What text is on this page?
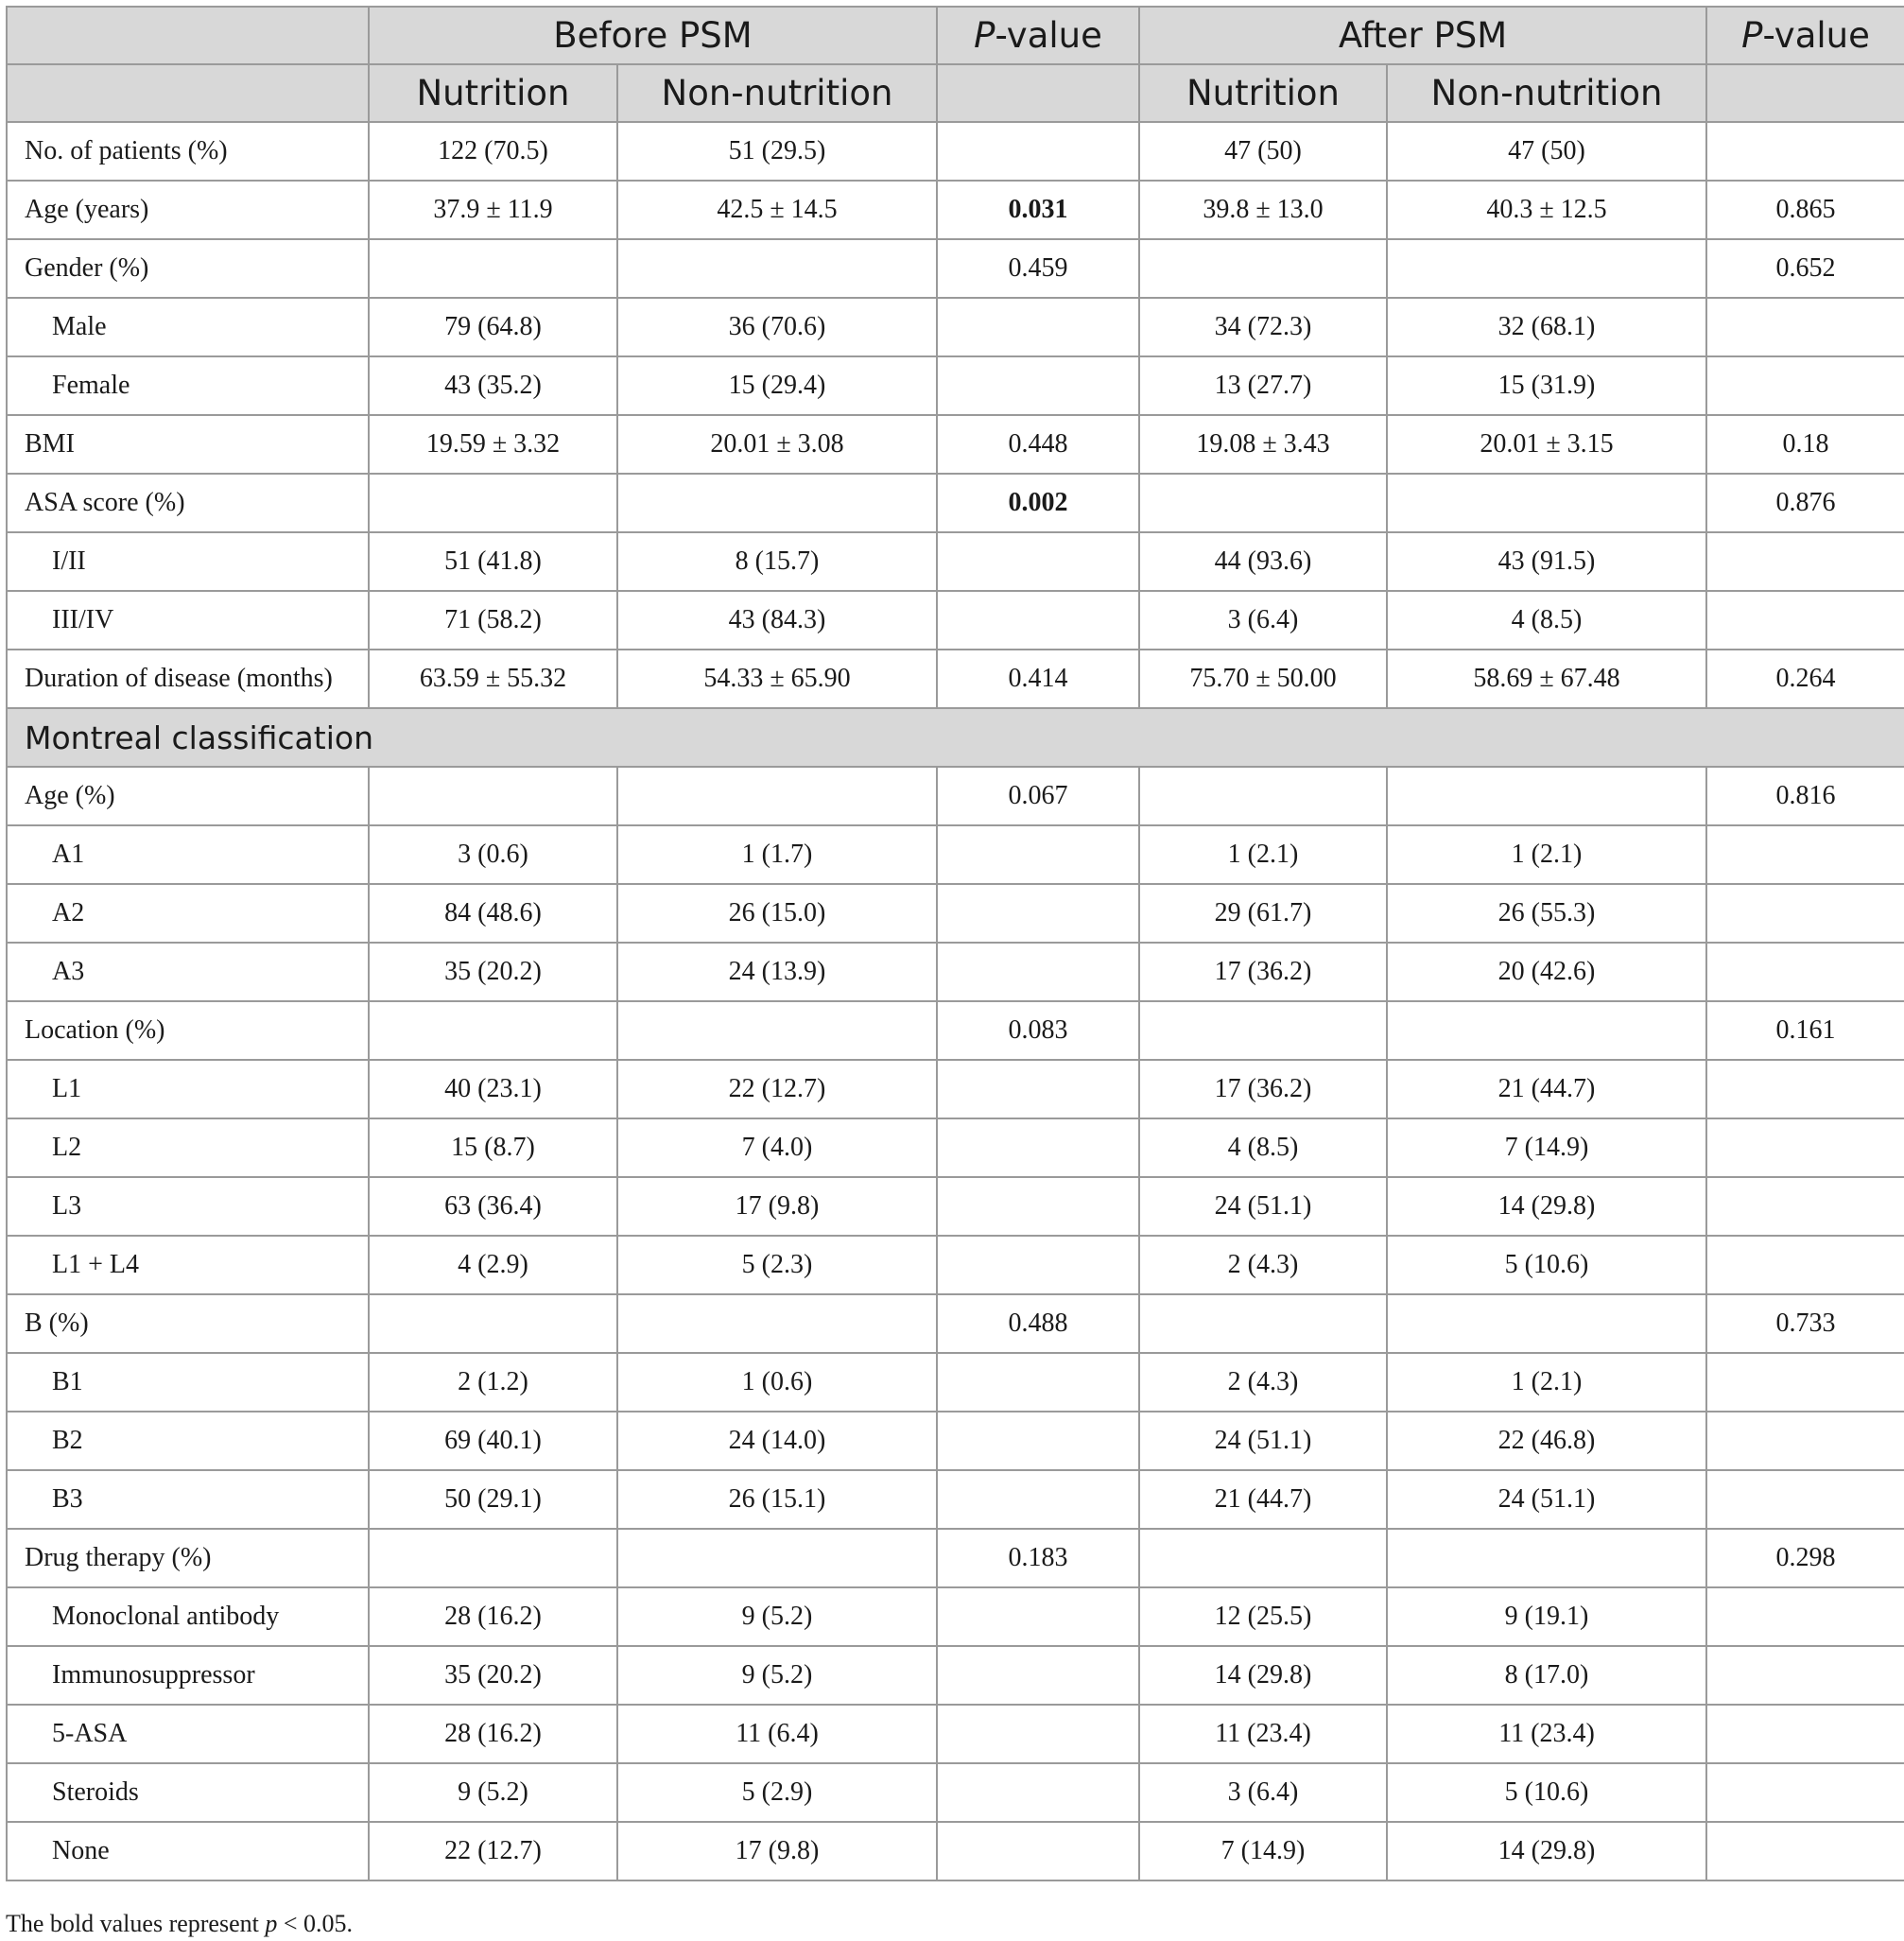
	Before PSM		P-value	After PSM		P-value
	Nutrition	Non-nutrition		Nutrition	Non-nutrition	
No. of patients (%)	122 (70.5)	51 (29.5)		47 (50)	47 (50)	
Age (years)	37.9 ± 11.9	42.5 ± 14.5	0.031	39.8 ± 13.0	40.3 ± 12.5	0.865
Gender (%)			0.459			0.652
Male	79 (64.8)	36 (70.6)		34 (72.3)	32 (68.1)	
Female	43 (35.2)	15 (29.4)		13 (27.7)	15 (31.9)	
BMI	19.59 ± 3.32	20.01 ± 3.08	0.448	19.08 ± 3.43	20.01 ± 3.15	0.18
ASA score (%)			0.002			0.876
I/II	51 (41.8)	8 (15.7)		44 (93.6)	43 (91.5)	
III/IV	71 (58.2)	43 (84.3)		3 (6.4)	4 (8.5)	
Duration of disease (months)	63.59 ± 55.32	54.33 ± 65.90	0.414	75.70 ± 50.00	58.69 ± 67.48	0.264
Montreal classification						
Age (%)			0.067			0.816
A1	3 (0.6)	1 (1.7)		1 (2.1)	1 (2.1)	
A2	84 (48.6)	26 (15.0)		29 (61.7)	26 (55.3)	
A3	35 (20.2)	24 (13.9)		17 (36.2)	20 (42.6)	
Location (%)			0.083			0.161
L1	40 (23.1)	22 (12.7)		17 (36.2)	21 (44.7)	
L2	15 (8.7)	7 (4.0)		4 (8.5)	7 (14.9)	
L3	63 (36.4)	17 (9.8)		24 (51.1)	14 (29.8)	
L1 + L4	4 (2.9)	5 (2.3)		2 (4.3)	5 (10.6)	
B (%)			0.488			0.733
B1	2 (1.2)	1 (0.6)		2 (4.3)	1 (2.1)	
B2	69 (40.1)	24 (14.0)		24 (51.1)	22 (46.8)	
B3	50 (29.1)	26 (15.1)		21 (44.7)	24 (51.1)	
Drug therapy (%)			0.183			0.298
Monoclonal antibody	28 (16.2)	9 (5.2)		12 (25.5)	9 (19.1)	
Immunosuppressor	35 (20.2)	9 (5.2)		14 (29.8)	8 (17.0)	
5-ASA	28 (16.2)	11 (6.4)		11 (23.4)	11 (23.4)	
Steroids	9 (5.2)	5 (2.9)		3 (6.4)	5 (10.6)	
None	22 (12.7)	17 (9.8)		7 (14.9)	14 (29.8)	
The bold values represent p < 0.05.
